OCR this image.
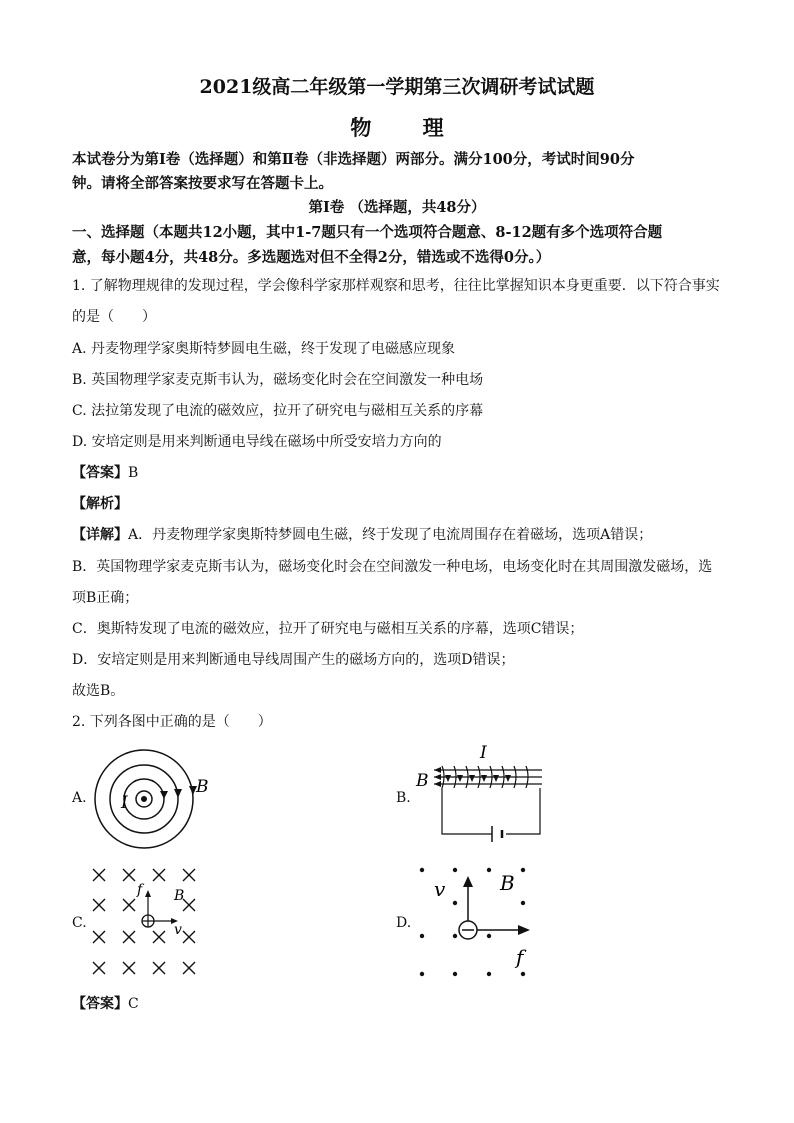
2021级高二年级第一学期第三次调研考试试题
物 理
本试卷分为第Ⅰ卷（选择题）和第Ⅱ卷（非选择题）两部分。满分100分，考试时间90分
钟。请将全部答案按要求写在答题卡上。
第Ⅰ卷 （选择题，共48分）
一、选择题（本题共12小题，其中1-7题只有一个选项符合题意、8-12题有多个选项符合题
意，每小题4分，共48分。多选题选对但不全得2分，错选或不选得0分。）
1. 了解物理规律的发现过程，学会像科学家那样观察和思考，往往比掌握知识本身更重要．以下符合事实
的是（　　）
A. 丹麦物理学家奥斯特梦圆电生磁，终于发现了电磁感应现象
B. 英国物理学家麦克斯韦认为，磁场变化时会在空间激发一种电场
C. 法拉第发现了电流的磁效应，拉开了研究电与磁相互关系的序幕
D. 安培定则是用来判断通电导线在磁场中所受安培力方向的
【答案】B
【解析】
【详解】A．丹麦物理学家奥斯特梦圆电生磁，终于发现了电流周围存在着磁场，选项A错误；
B．英国物理学家麦克斯韦认为，磁场变化时会在空间激发一种电场，电场变化时在其周围激发磁场，选
项B正确；
C．奥斯特发现了电流的磁效应，拉开了研究电与磁相互关系的序幕，选项C错误；
D．安培定则是用来判断通电导线周围产生的磁场方向的，选项D错误；
故选B。
2. 下列各图中正确的是（　　）
A. I
B
B.
I
B
C.
f B
v	D.
v	B
f
【答案】C
